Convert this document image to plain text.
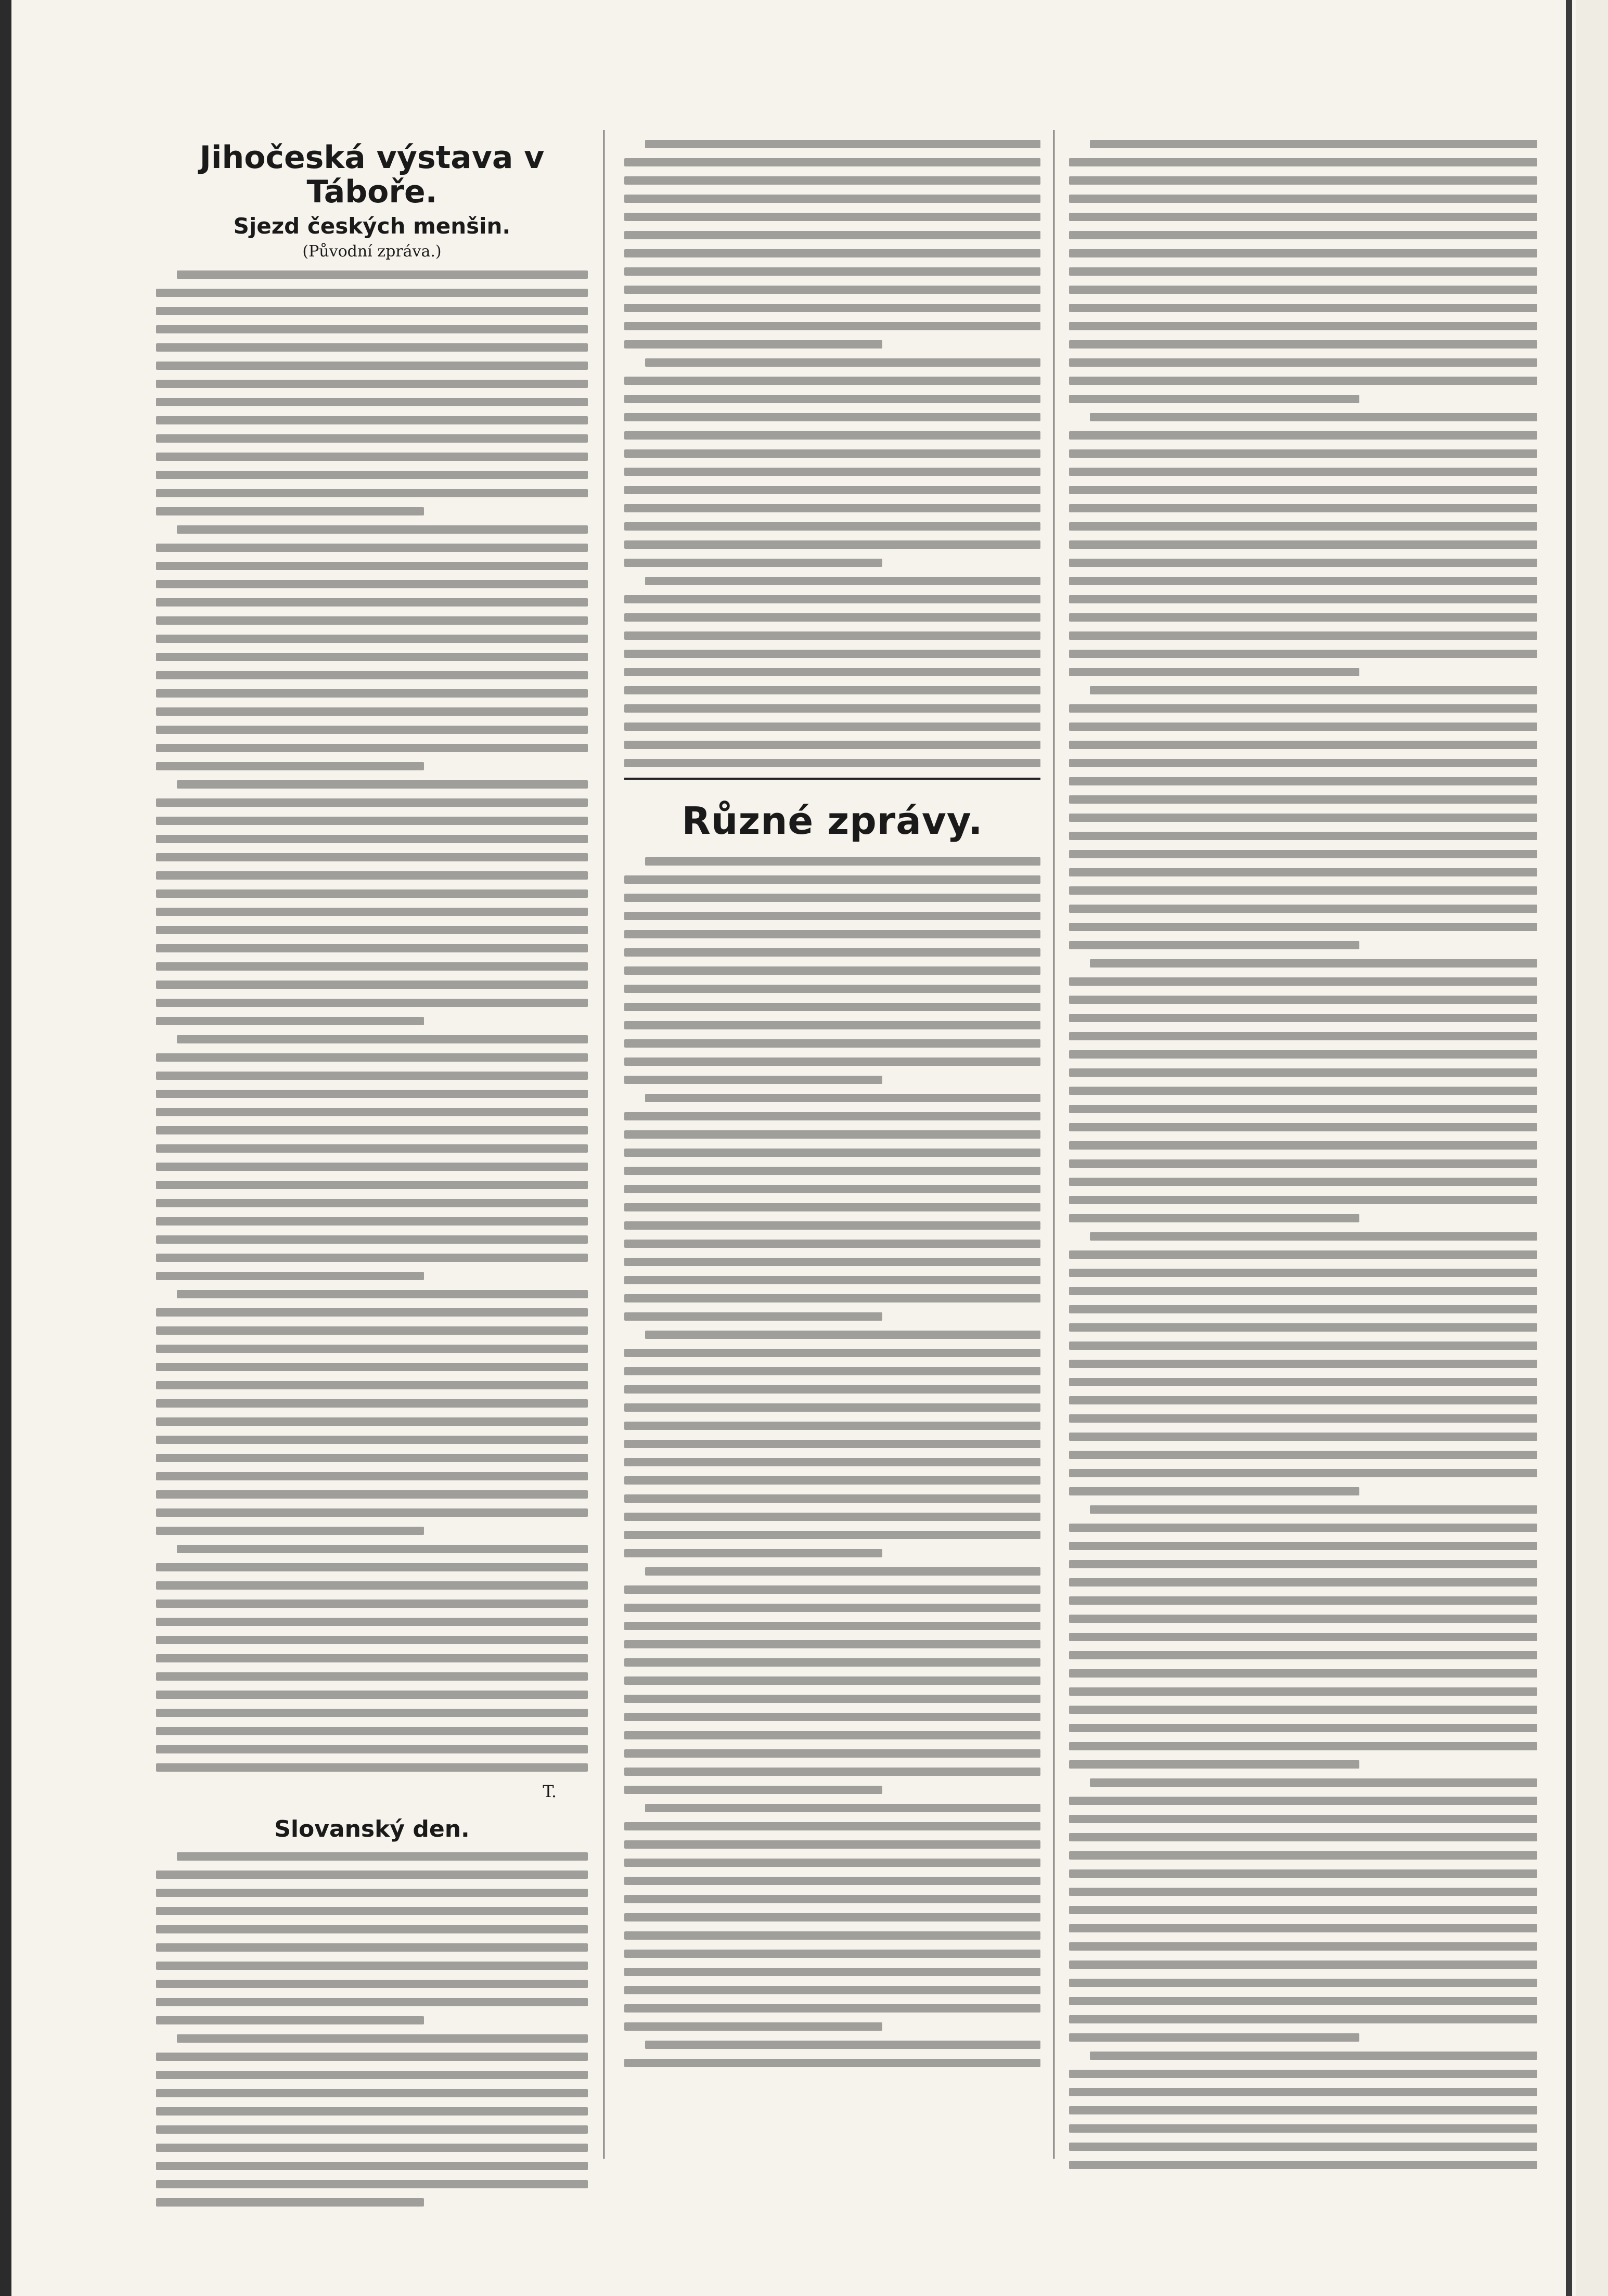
Jihočeská výstava v Táboře.
Sjezd českých menšin.
(Původní zpráva.)
T.
Slovanský den.
Různé zprávy.
